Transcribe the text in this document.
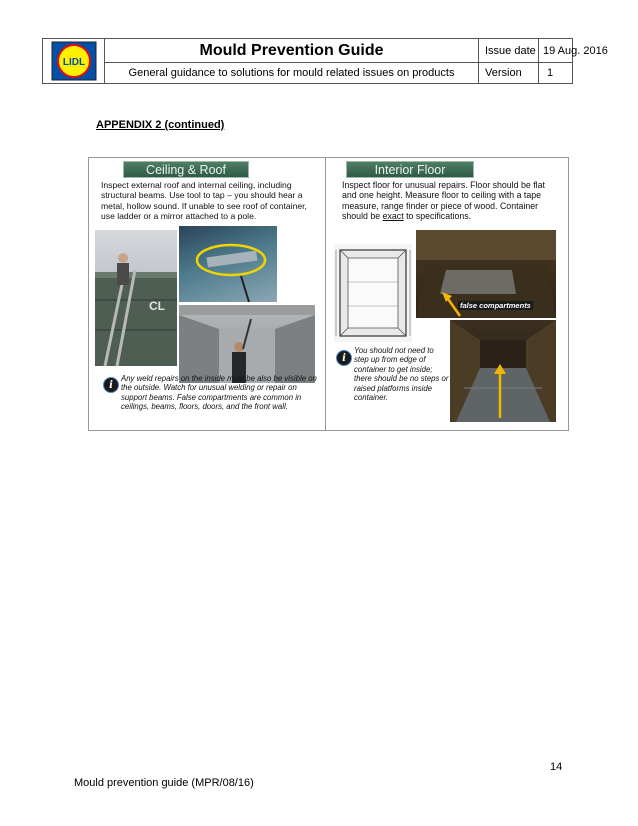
LIDL
Mould Prevention Guide
General guidance to solutions for mould related issues on products
Issue date 19 Aug. 2016
Version	1
APPENDIX 2 (continued)
Ceiling & Roof
Inspect external roof and internal ceiling, including structural beams. Use tool to tap – you should hear a metal, hollow sound. If unable to see roof of container, use ladder or a mirror attached to a pole.
CL
i
Any weld repairs on the inside must be also be visible on the outside. Watch for unusual welding or repair on support beams. False compartments are common in ceilings, beams, floors, doors, and the front wall.
Interior Floor
Inspect floor for unusual repairs. Floor should be flat and one height. Measure floor to ceiling with a tape measure, range finder or piece of wood. Container should be exact to specifications.
false compartments
i
You should not need to step up from edge of container to get inside; there should be no steps or raised platforms inside container.
14
Mould prevention guide (MPR/08/16)
